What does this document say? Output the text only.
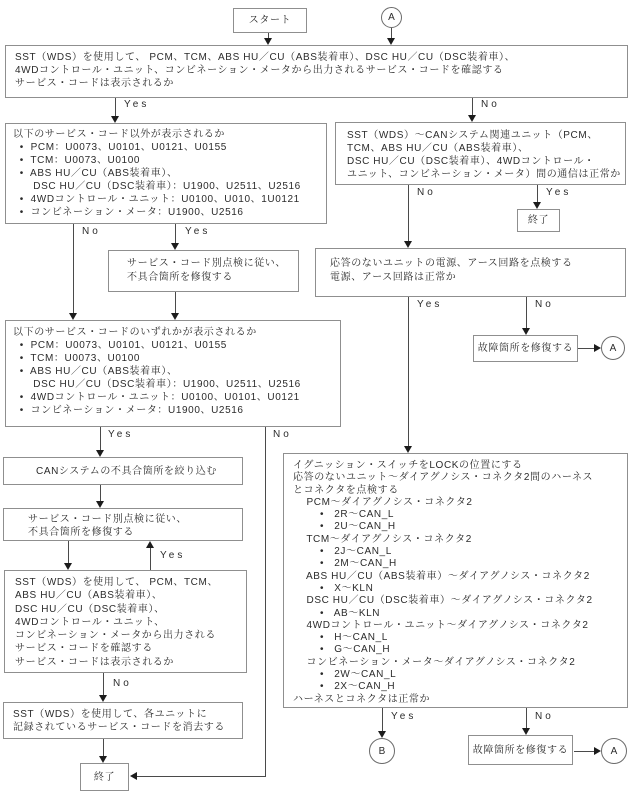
スタート	A
SST（WDS）を使用して、 PCM、TCM、ABS HU／CU（ABS装着車）、DSC HU／CU（DSC装着車）、
4WDコントロール・ユニット、コンビネーション・メータから出力されるサービス・コードを確認する
サービス・コードは表示されるか
以下のサービス・コード以外が表示されるか
•  PCM：U0073、U0101、U0121、U0155
•  TCM：U0073、U0100
•  ABS HU／CU（ABS装着車）、
DSC HU／CU（DSC装着車）：U1900、U2511、U2516
•  4WDコントロール・ユニット：U0100、U010、1U0121
•  コンビネーション・メータ：U1900、U2516
SST（WDS）～CANシステム関連ユニット（PCM、
TCM、ABS HU／CU（ABS装着車）、
DSC HU／CU（DSC装着車）、4WDコントロール・
ユニット、コンビネーション・メータ）間の通信は正常か
終了
サービス・コード別点検に従い、
不具合箇所を修復する
応答のないユニットの電源、アース回路を点検する
電源、アース回路は正常か
故障箇所を修復する	A
以下のサービス・コードのいずれかが表示されるか
•  PCM：U0073、U0101、U0121、U0155
•  TCM：U0073、U0100
•  ABS HU／CU（ABS装着車）、
DSC HU／CU（DSC装着車）：U1900、U2511、U2516
•  4WDコントロール・ユニット：U0100、U0101、U0121
•  コンビネーション・メータ：U1900、U2516
CANシステムの不具合箇所を絞り込む
サービス・コード別点検に従い、
不具合箇所を修復する
SST（WDS）を使用して、 PCM、TCM、
ABS HU／CU（ABS装着車）、
DSC HU／CU（DSC装着車）、
4WDコントロール・ユニット、
コンビネーション・メータから出力される
サービス・コードを確認する
サービス・コードは表示されるか
SST（WDS）を使用して、各ユニットに
記録されているサービス・コードを消去する
終了
イグニッション・スイッチをLOCKの位置にする
応答のないユニット～ダイアグノシス・コネクタ2間のハーネス
とコネクタを点検する
PCM～ダイアグノシス・コネクタ2
•   2R～CAN_L
•   2U～CAN_H
TCM～ダイアグノシス・コネクタ2
•   2J～CAN_L
•   2M～CAN_H
ABS HU／CU（ABS装着車）～ダイアグノシス・コネクタ2
•   X～KLN
DSC HU／CU（DSC装着車）～ダイアグノシス・コネクタ2
•   AB～KLN
4WDコントロール・ユニット～ダイアグノシス・コネクタ2
•   H～CAN_L
•   G～CAN_H
コンビネーション・メータ～ダイアグノシス・コネクタ2
•   2W～CAN_L
•   2X～CAN_H
ハーネスとコネクタは正常か
B	故障箇所を修復する	A
Yes	No
No	Yes
No	Yes
Yes	No
Yes	No
Yes
No
Yes	No
